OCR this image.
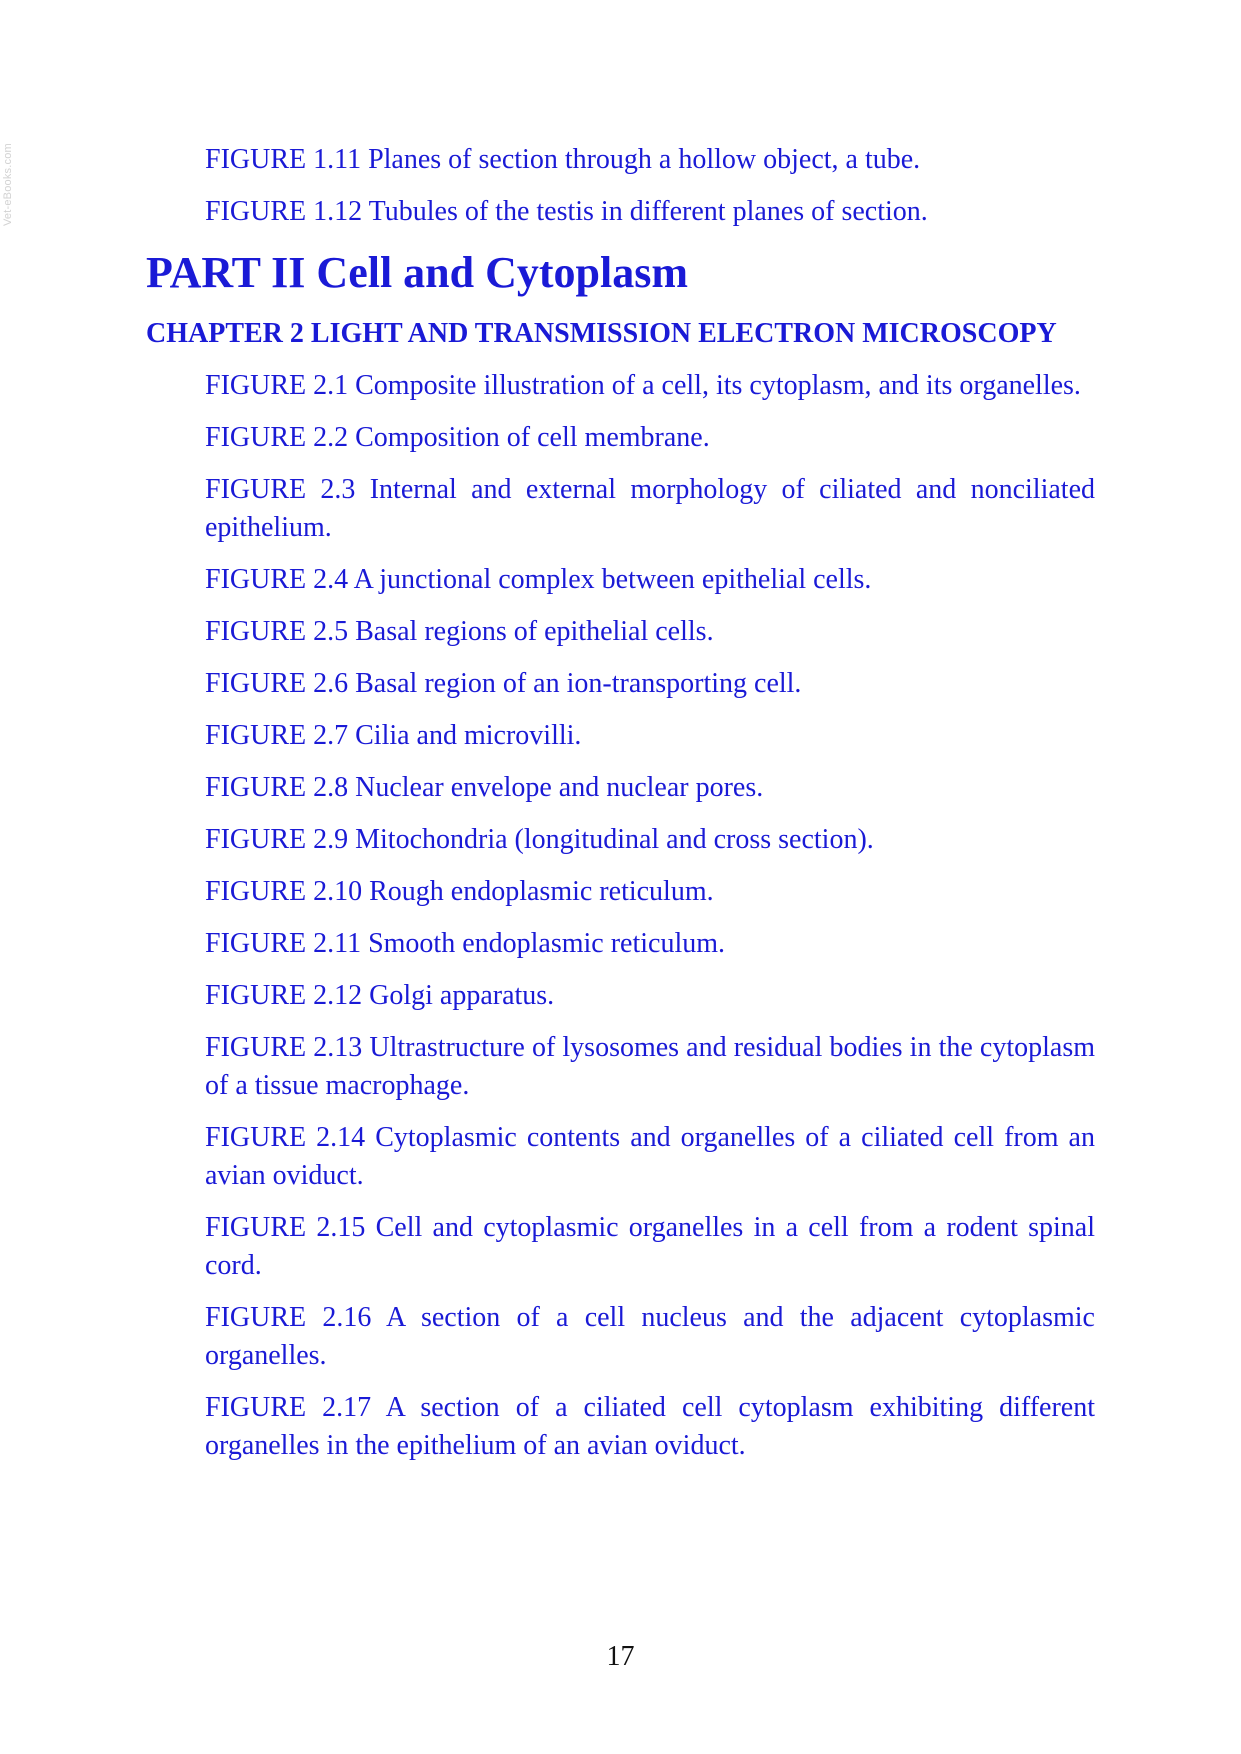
Vet-eBooks.com	FIGURE 1.11 Planes of section through a hollow object, a tube.
FIGURE 1.12 Tubules of the testis in different planes of section.
PART II Cell and Cytoplasm
CHAPTER 2 LIGHT AND TRANSMISSION ELECTRON MICROSCOPY
FIGURE 2.1 Composite illustration of a cell, its cytoplasm, and its organelles.
FIGURE 2.2 Composition of cell membrane.
FIGURE 2.3 Internal and external morphology of ciliated and nonciliated epithelium.
FIGURE 2.4 A junctional complex between epithelial cells.
FIGURE 2.5 Basal regions of epithelial cells.
FIGURE 2.6 Basal region of an ion-transporting cell.
FIGURE 2.7 Cilia and microvilli.
FIGURE 2.8 Nuclear envelope and nuclear pores.
FIGURE 2.9 Mitochondria (longitudinal and cross section).
FIGURE 2.10 Rough endoplasmic reticulum.
FIGURE 2.11 Smooth endoplasmic reticulum.
FIGURE 2.12 Golgi apparatus.
FIGURE 2.13 Ultrastructure of lysosomes and residual bodies in the cytoplasm of a tissue macrophage.
FIGURE 2.14 Cytoplasmic contents and organelles of a ciliated cell from an avian oviduct.
FIGURE 2.15 Cell and cytoplasmic organelles in a cell from a rodent spinal cord.
FIGURE 2.16 A section of a cell nucleus and the adjacent cytoplasmic organelles.
FIGURE 2.17 A section of a ciliated cell cytoplasm exhibiting different organelles in the epithelium of an avian oviduct.
17
